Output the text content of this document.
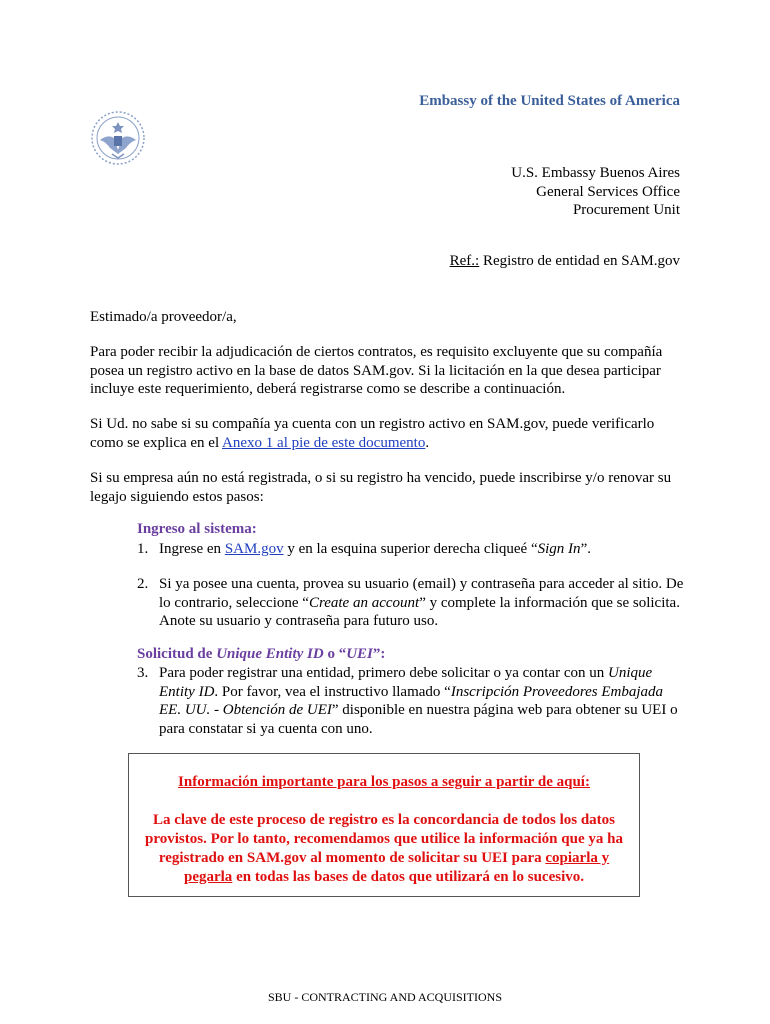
Embassy of the United States of America
U.S. Embassy Buenos Aires
General Services Office
Procurement Unit
Ref.: Registro de entidad en SAM.gov
Estimado/a proveedor/a,

Para poder recibir la adjudicación de ciertos contratos, es requisito excluyente que su compañía posea un registro activo en la base de datos SAM.gov. Si la licitación en la que desea participar incluye este requerimiento, deberá registrarse como se describe a continuación.

Si Ud. no sabe si su compañía ya cuenta con un registro activo en SAM.gov, puede verificarlo como se explica en el Anexo 1 al pie de este documento.

Si su empresa aún no está registrada, o si su registro ha vencido, puede inscribirse y/o renovar su legajo siguiendo estos pasos:

Ingreso al sistema:
1. Ingrese en SAM.gov y en la esquina superior derecha cliqueé “Sign In”.
2. Si ya posee una cuenta, provea su usuario (email) y contraseña para acceder al sitio. De lo contrario, seleccione “Create an account” y complete la información que se solicita. Anote su usuario y contraseña para futuro uso.
Solicitud de Unique Entity ID o “UEI”:
3. Para poder registrar una entidad, primero debe solicitar o ya contar con un Unique Entity ID. Por favor, vea el instructivo llamado “Inscripción Proveedores Embajada EE. UU. - Obtención de UEI” disponible en nuestra página web para obtener su UEI o para constatar si ya cuenta con uno.
Información importante para los pasos a seguir a partir de aquí:
La clave de este proceso de registro es la concordancia de todos los datos provistos. Por lo tanto, recomendamos que utilice la información que ya ha registrado en SAM.gov al momento de solicitar su UEI para copiarla y pegarla en todas las bases de datos que utilizará en lo sucesivo.
SBU - CONTRACTING AND ACQUISITIONS
